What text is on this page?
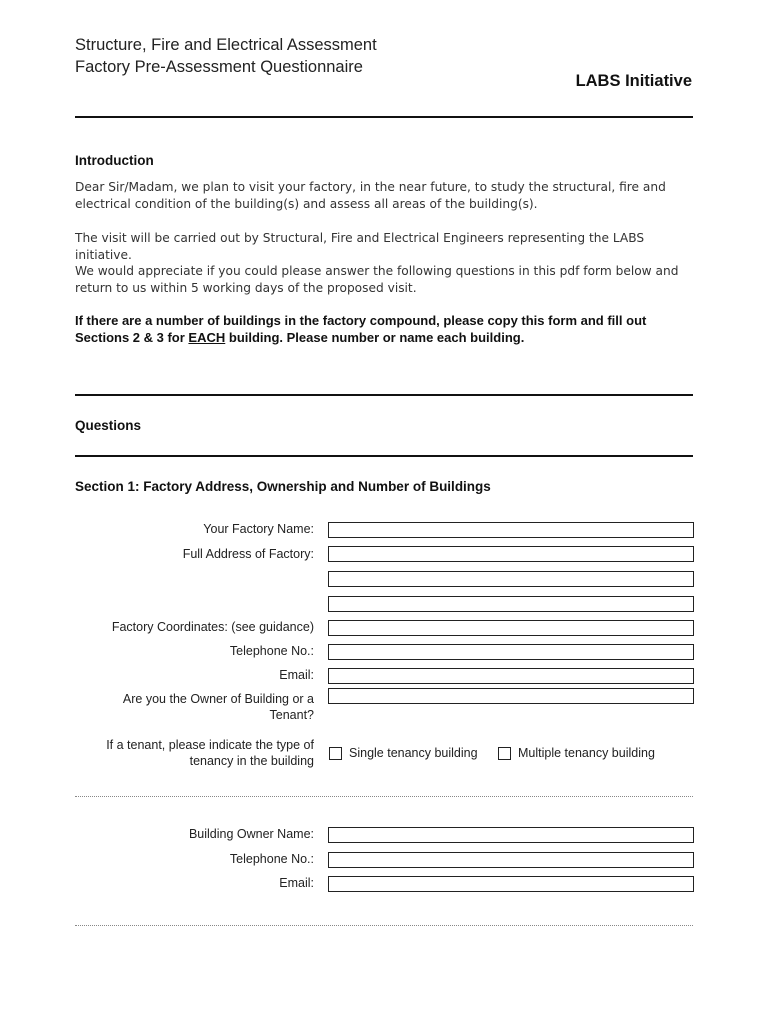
Structure, Fire and Electrical Assessment
Factory Pre-Assessment Questionnaire
LABS Initiative
Introduction
Dear Sir/Madam, we plan to visit your factory, in the near future, to study the structural, fire and electrical condition of the building(s) and assess all areas of the building(s).
The visit will be carried out by Structural, Fire and Electrical Engineers representing the LABS initiative.
We would appreciate if you could please answer the following questions in this pdf form below and return to us within 5 working days of the proposed visit.
If there are a number of buildings in the factory compound, please copy this form and fill out Sections 2 & 3 for EACH building. Please number or name each building.
Questions
Section 1: Factory Address, Ownership and Number of Buildings
Your Factory Name:
Full Address of Factory:
Factory Coordinates: (see guidance)
Telephone No.:
Email:
Are you the Owner of Building or a Tenant?
If a tenant, please indicate the type of tenancy in the building
Single tenancy building	Multiple tenancy building
Building Owner Name:
Telephone No.:
Email:
